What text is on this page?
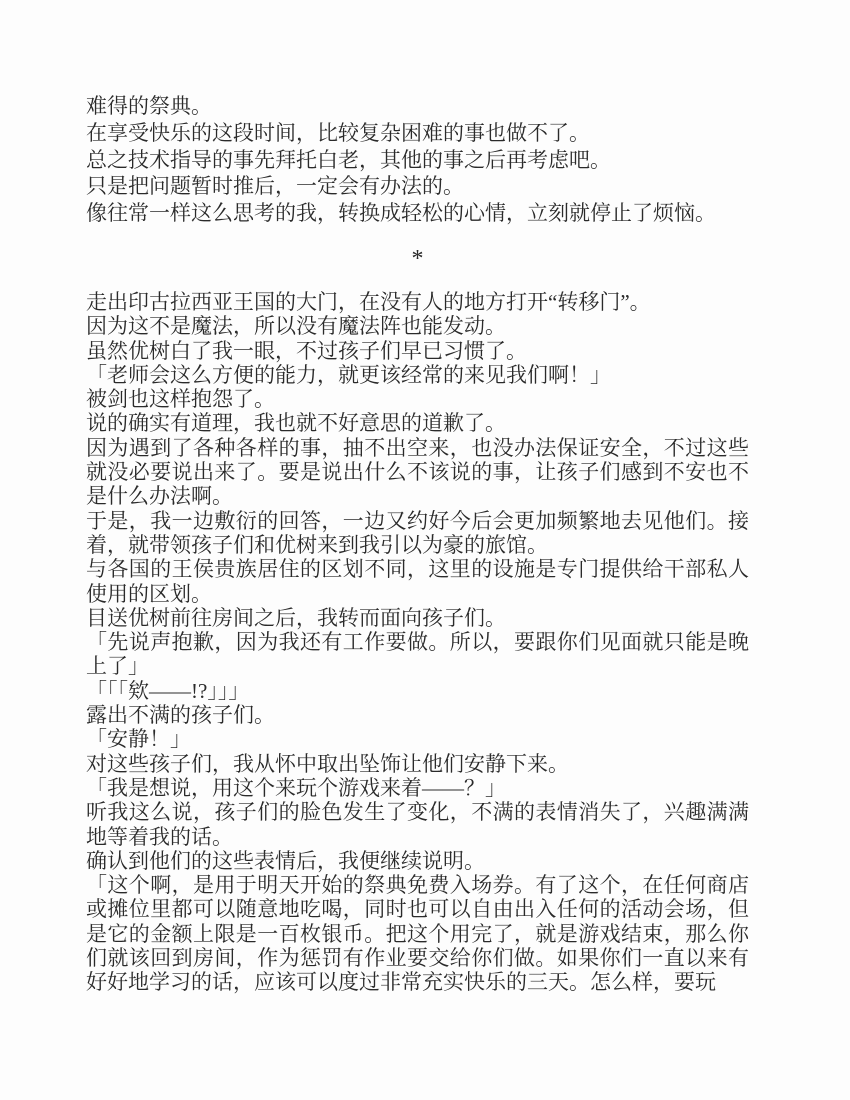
难得的祭典。

在享受快乐的这段时间，比较复杂困难的事也做不了。

总之技术指导的事先拜托白老，其他的事之后再考虑吧。

只是把问题暂时推后，一定会有办法的。

像往常一样这么思考的我，转换成轻松的心情，立刻就停止了烦恼。

*

走出印古拉西亚王国的大门，在没有人的地方打开“转移门”。

因为这不是魔法，所以没有魔法阵也能发动。

虽然优树白了我一眼，不过孩子们早已习惯了。

「老师会这么方便的能力，就更该经常的来见我们啊！」

被剑也这样抱怨了。

说的确实有道理，我也就不好意思的道歉了。

因为遇到了各种各样的事，抽不出空来，也没办法保证安全，不过这些就没必要说出来了。要是说出什么不该说的事，让孩子们感到不安也不是什么办法啊。

于是，我一边敷衍的回答，一边又约好今后会更加频繁地去见他们。接着，就带领孩子们和优树来到我引以为豪的旅馆。

与各国的王侯贵族居住的区划不同，这里的设施是专门提供给干部私人使用的区划。

目送优树前往房间之后，我转而面向孩子们。

「先说声抱歉，因为我还有工作要做。所以，要跟你们见面就只能是晚上了」

「「「欸——!?」」」

露出不满的孩子们。

「安静！」

对这些孩子们，我从怀中取出坠饰让他们安静下来。

「我是想说，用这个来玩个游戏来着——？」

听我这么说，孩子们的脸色发生了变化，不满的表情消失了，兴趣满满地等着我的话。

确认到他们的这些表情后，我便继续说明。

「这个啊，是用于明天开始的祭典免费入场券。有了这个，在任何商店或摊位里都可以随意地吃喝，同时也可以自由出入任何的活动会场，但是它的金额上限是一百枚银币。把这个用完了，就是游戏结束，那么你们就该回到房间，作为惩罚有作业要交给你们做。如果你们一直以来有好好地学习的话，应该可以度过非常充实快乐的三天。怎么样，要玩
